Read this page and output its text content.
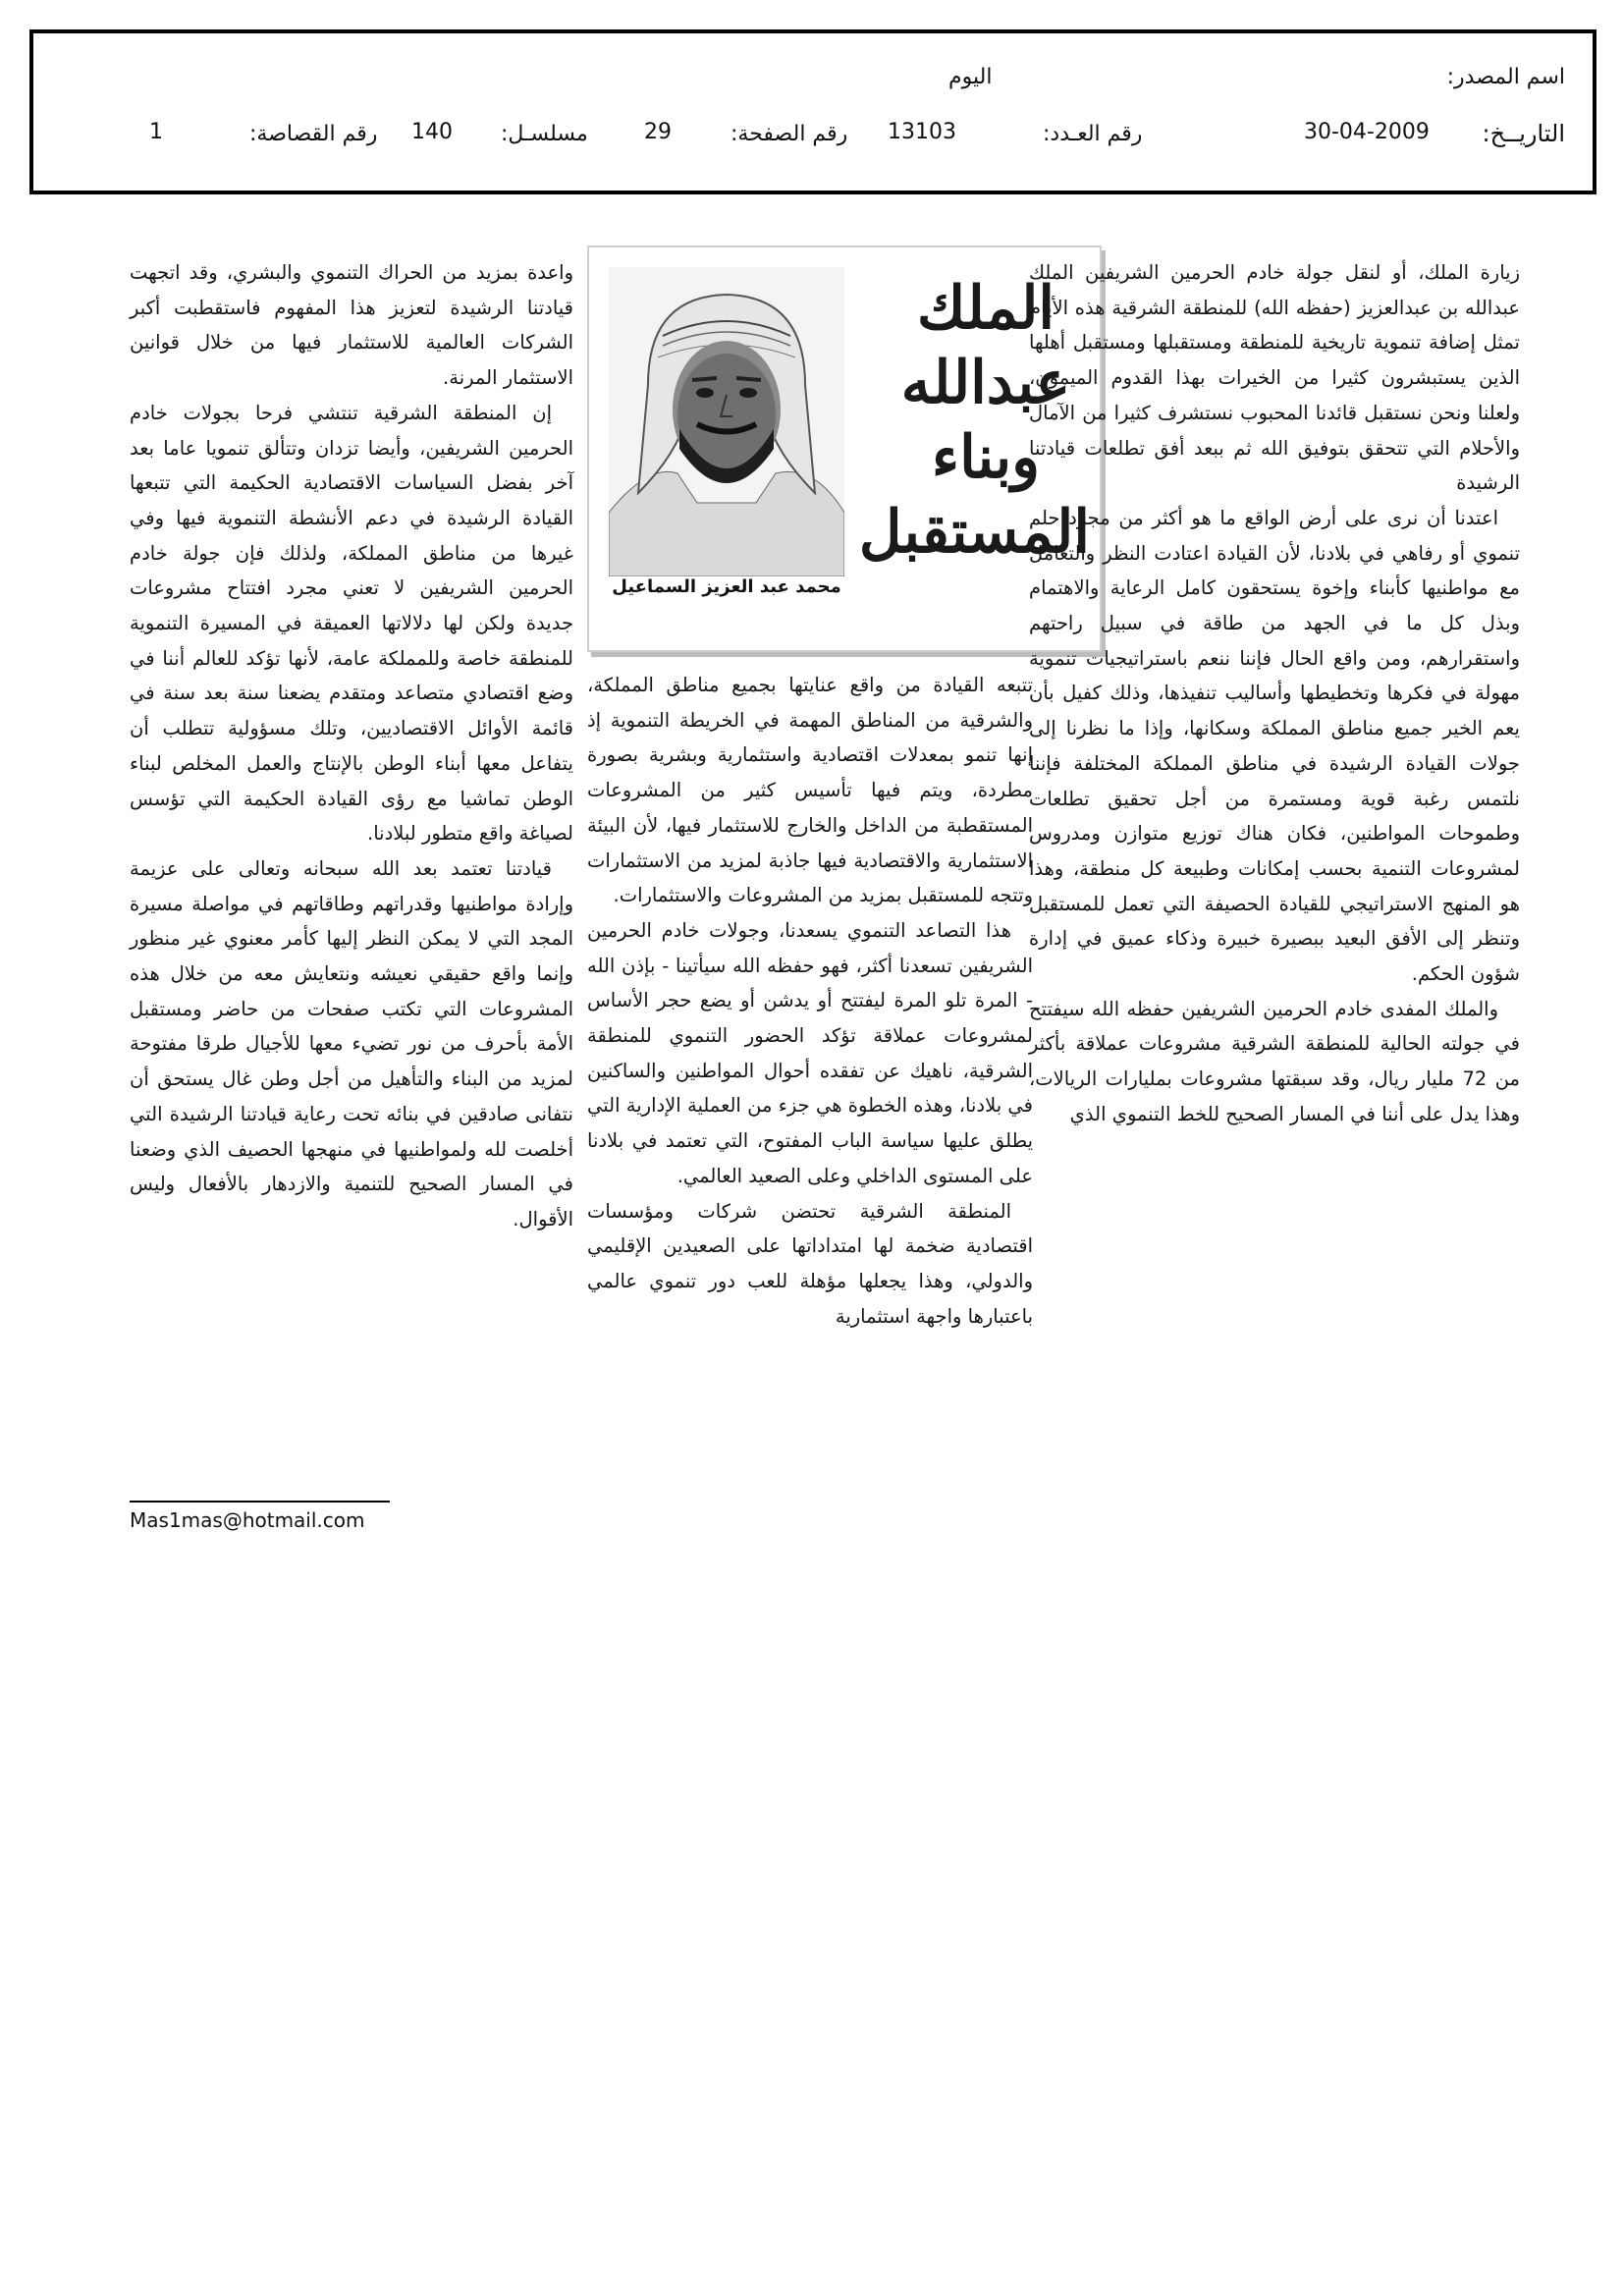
اسم المصدر:
اليوم
التاريــخ:
30-04-2009
رقم العـدد:
13103
رقم الصفحة:
29
مسلسـل:
140
رقم القصاصة:
1
الملك
عبدالله
وبناء
المستقبل
محمد عبد العزيز السماعيل

زيارة الملك، أو لنقل جولة خادم الحرمين الشريفين الملك عبدالله بن عبدالعزيز (حفظه الله) للمنطقة الشرقية هذه الأيام تمثل إضافة تنموية تاريخية للمنطقة ومستقبلها ومستقبل أهلها الذين يستبشرون كثيرا من الخيرات بهذا القدوم الميمون، ولعلنا ونحن نستقبل قائدنا المحبوب نستشرف كثيرا من الآمال والأحلام التي تتحقق بتوفيق الله ثم ببعد أفق تطلعات قيادتنا الرشيدة

اعتدنا أن نرى على أرض الواقع ما هو أكثر من مجرد حلم تنموي أو رفاهي في بلادنا، لأن القيادة اعتادت النظر والتعامل مع مواطنيها كأبناء وإخوة يستحقون كامل الرعاية والاهتمام وبذل كل ما في الجهد من طاقة في سبيل راحتهم واستقرارهم، ومن واقع الحال فإننا ننعم باستراتيجيات تنموية مهولة في فكرها وتخطيطها وأساليب تنفيذها، وذلك كفيل بأن يعم الخير جميع مناطق المملكة وسكانها، وإذا ما نظرنا إلى جولات القيادة الرشيدة في مناطق المملكة المختلفة فإننا نلتمس رغبة قوية ومستمرة من أجل تحقيق تطلعات وطموحات المواطنين، فكان هناك توزيع متوازن ومدروس لمشروعات التنمية بحسب إمكانات وطبيعة كل منطقة، وهذا هو المنهج الاستراتيجي للقيادة الحصيفة التي تعمل للمستقبل وتنظر إلى الأفق البعيد ببصيرة خبيرة وذكاء عميق في إدارة شؤون الحكم.

والملك المفدى خادم الحرمين الشريفين حفظه الله سيفتتح في جولته الحالية للمنطقة الشرقية مشروعات عملاقة بأكثر من 72 مليار ريال، وقد سبقتها مشروعات بمليارات الريالات، وهذا يدل على أننا في المسار الصحيح للخط التنموي الذي

تتبعه القيادة من واقع عنايتها بجميع مناطق المملكة، والشرقية من المناطق المهمة في الخريطة التنموية إذ إنها تنمو بمعدلات اقتصادية واستثمارية وبشرية بصورة مطردة، ويتم فيها تأسيس كثير من المشروعات المستقطبة من الداخل والخارج للاستثمار فيها، لأن البيئة الاستثمارية والاقتصادية فيها جاذبة لمزيد من الاستثمارات وتتجه للمستقبل بمزيد من المشروعات والاستثمارات.

هذا التصاعد التنموي يسعدنا، وجولات خادم الحرمين الشريفين تسعدنا أكثر، فهو حفظه الله سيأتينا - بإذن الله - المرة تلو المرة ليفتتح أو يدشن أو يضع حجر الأساس لمشروعات عملاقة تؤكد الحضور التنموي للمنطقة الشرقية، ناهيك عن تفقده أحوال المواطنين والساكنين في بلادنا، وهذه الخطوة هي جزء من العملية الإدارية التي يطلق عليها سياسة الباب المفتوح، التي تعتمد في بلادنا على المستوى الداخلي وعلى الصعيد العالمي.

المنطقة الشرقية تحتضن شركات ومؤسسات اقتصادية ضخمة لها امتداداتها على الصعيدين الإقليمي والدولي، وهذا يجعلها مؤهلة للعب دور تنموي عالمي باعتبارها واجهة استثمارية

واعدة بمزيد من الحراك التنموي والبشري، وقد اتجهت قيادتنا الرشيدة لتعزيز هذا المفهوم فاستقطبت أكبر الشركات العالمية للاستثمار فيها من خلال قوانين الاستثمار المرنة.

إن المنطقة الشرقية تنتشي فرحا بجولات خادم الحرمين الشريفين، وأيضا تزدان وتتألق تنمويا عاما بعد آخر بفضل السياسات الاقتصادية الحكيمة التي تتبعها القيادة الرشيدة في دعم الأنشطة التنموية فيها وفي غيرها من مناطق المملكة، ولذلك فإن جولة خادم الحرمين الشريفين لا تعني مجرد افتتاح مشروعات جديدة ولكن لها دلالاتها العميقة في المسيرة التنموية للمنطقة خاصة وللمملكة عامة، لأنها تؤكد للعالم أننا في وضع اقتصادي متصاعد ومتقدم يضعنا سنة بعد سنة في قائمة الأوائل الاقتصاديين، وتلك مسؤولية تتطلب أن يتفاعل معها أبناء الوطن بالإنتاج والعمل المخلص لبناء الوطن تماشيا مع رؤى القيادة الحكيمة التي تؤسس لصياغة واقع متطور لبلادنا.

قيادتنا تعتمد بعد الله سبحانه وتعالى على عزيمة وإرادة مواطنيها وقدراتهم وطاقاتهم في مواصلة مسيرة المجد التي لا يمكن النظر إليها كأمر معنوي غير منظور وإنما واقع حقيقي نعيشه ونتعايش معه من خلال هذه المشروعات التي تكتب صفحات من حاضر ومستقبل الأمة بأحرف من نور تضيء معها للأجيال طرقا مفتوحة لمزيد من البناء والتأهيل من أجل وطن غال يستحق أن نتفانى صادقين في بنائه تحت رعاية قيادتنا الرشيدة التي أخلصت لله ولمواطنيها في منهجها الحصيف الذي وضعنا في المسار الصحيح للتنمية والازدهار بالأفعال وليس الأقوال.

Mas1mas@hotmail.com
